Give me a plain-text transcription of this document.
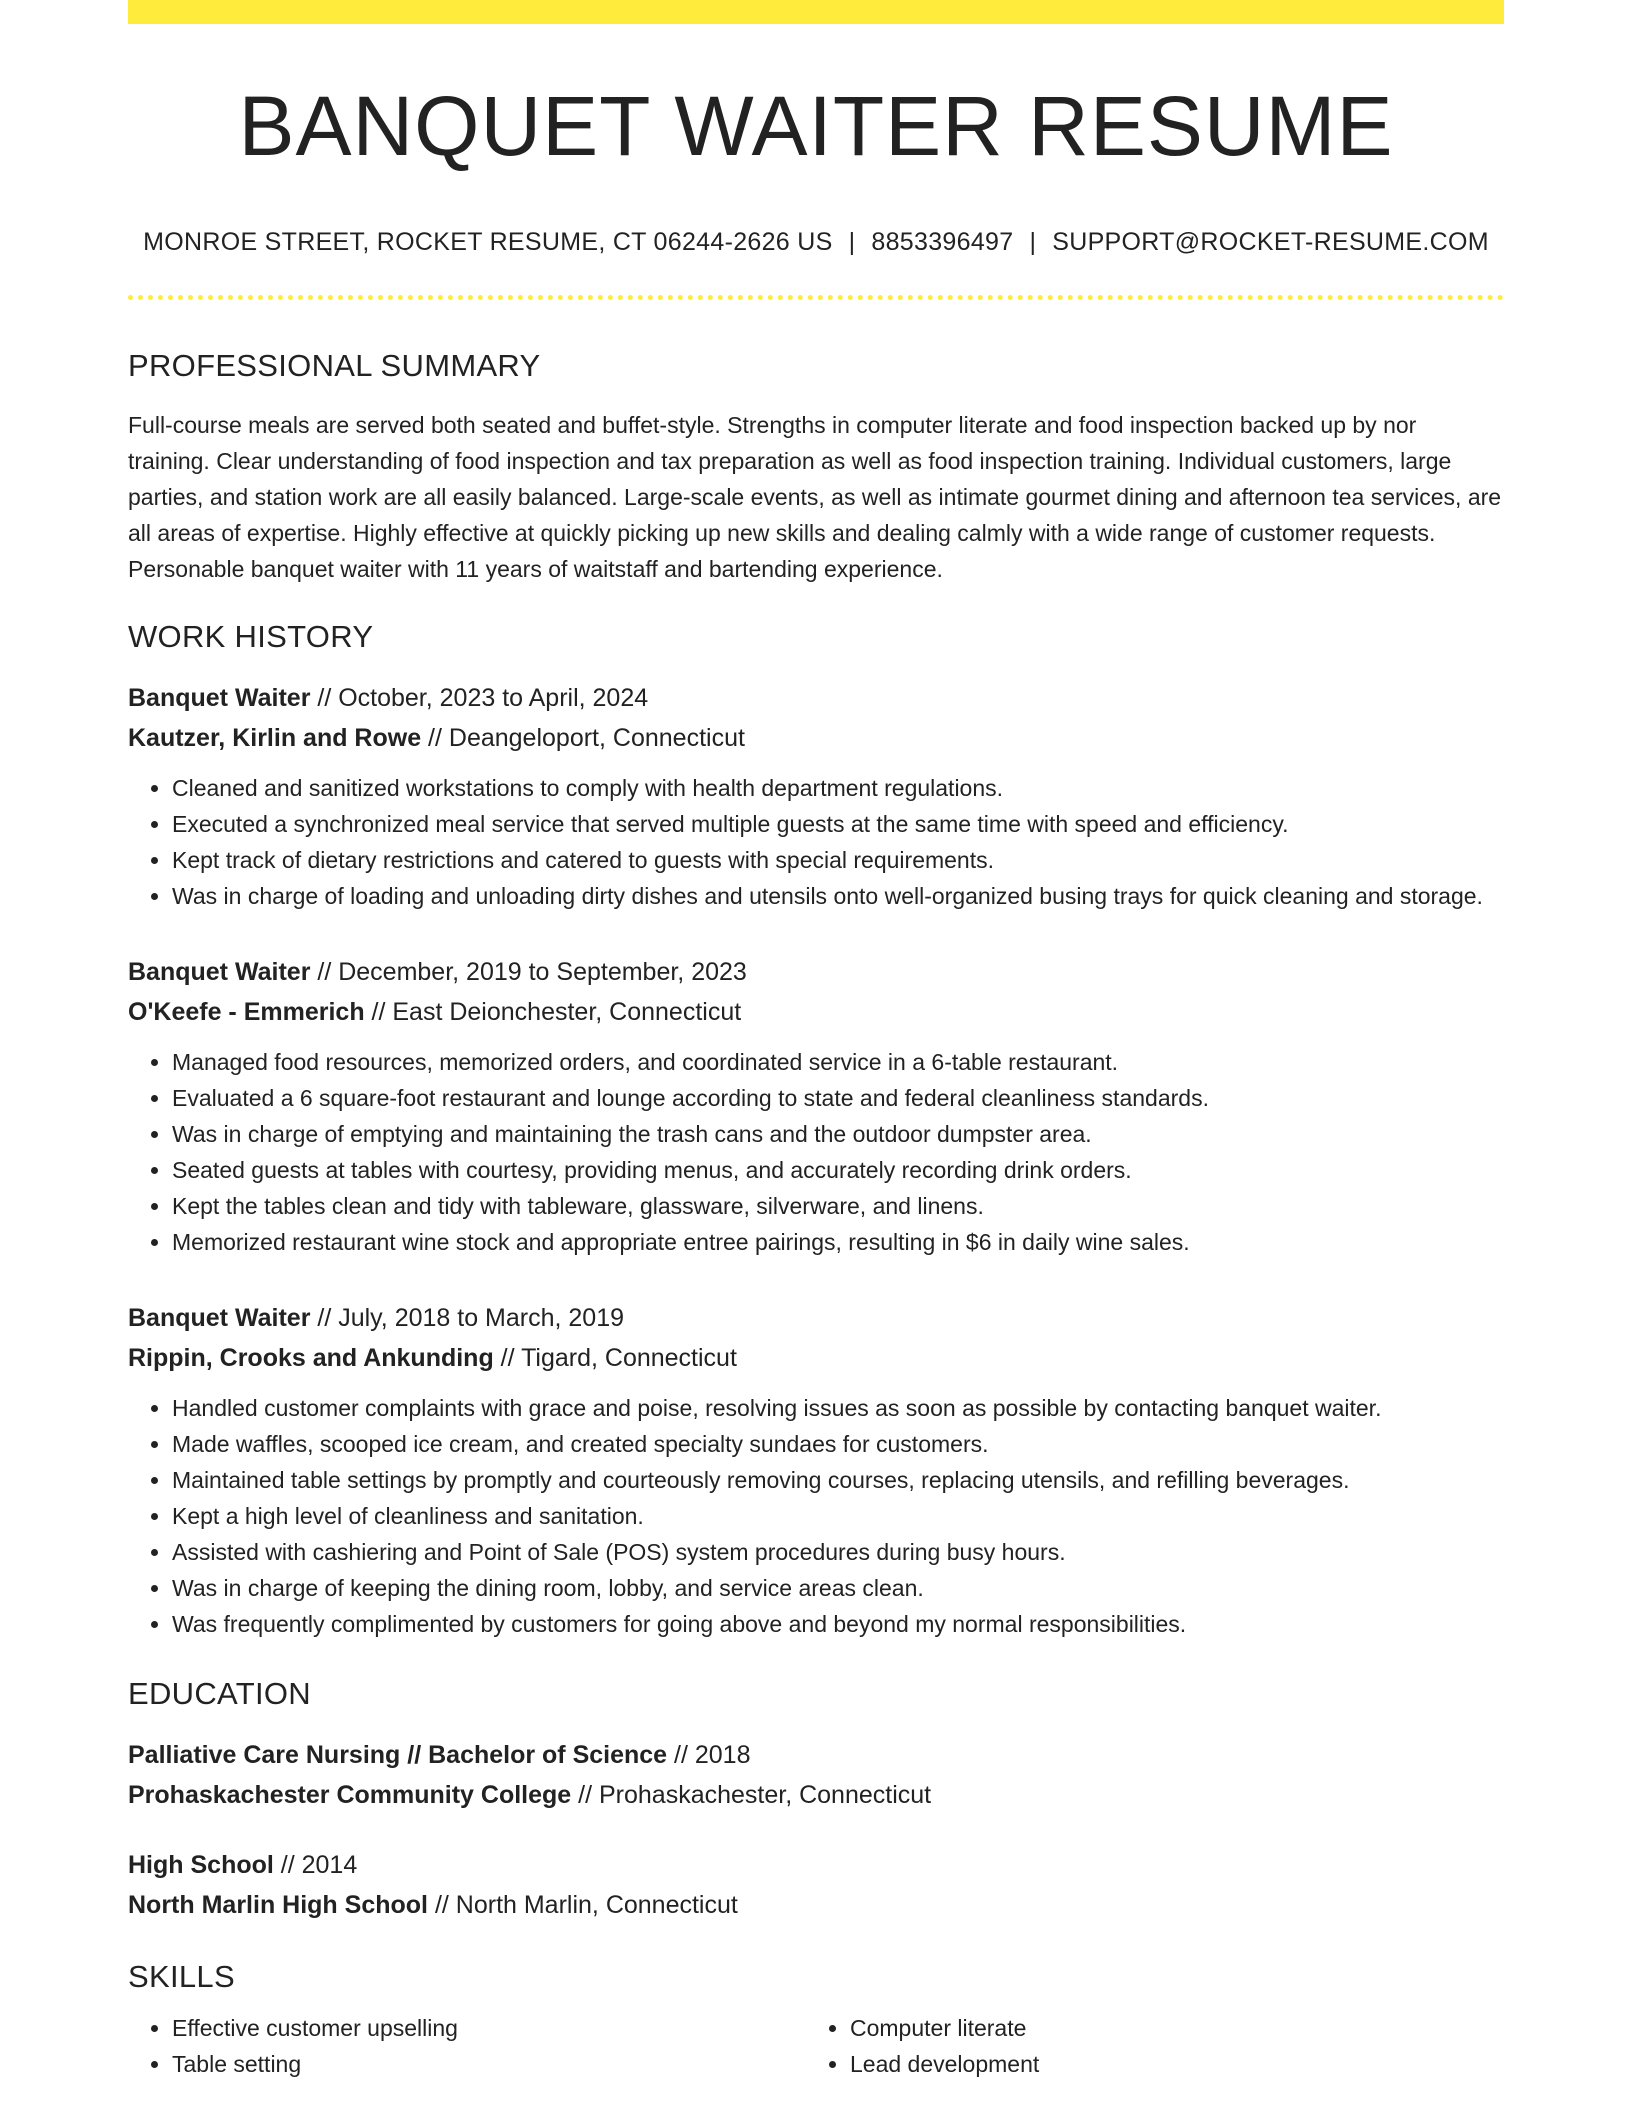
BANQUET WAITER RESUME
MONROE STREET, ROCKET RESUME, CT 06244-2626 US | 8853396497 | SUPPORT@ROCKET-RESUME.COM
PROFESSIONAL SUMMARY

Full-course meals are served both seated and buffet-style. Strengths in computer literate and food inspection backed up by nor training. Clear understanding of food inspection and tax preparation as well as food inspection training. Individual customers, large parties, and station work are all easily balanced. Large-scale events, as well as intimate gourmet dining and afternoon tea services, are all areas of expertise. Highly effective at quickly picking up new skills and dealing calmly with a wide range of customer requests. Personable banquet waiter with 11 years of waitstaff and bartending experience.

WORK HISTORY
Banquet Waiter // October, 2023 to April, 2024
Kautzer, Kirlin and Rowe // Deangeloport, Connecticut
• Cleaned and sanitized workstations to comply with health department regulations.
• Executed a synchronized meal service that served multiple guests at the same time with speed and efficiency.
• Kept track of dietary restrictions and catered to guests with special requirements.
• Was in charge of loading and unloading dirty dishes and utensils onto well-organized busing trays for quick cleaning and storage.
Banquet Waiter // December, 2019 to September, 2023
O'Keefe - Emmerich // East Deionchester, Connecticut
• Managed food resources, memorized orders, and coordinated service in a 6-table restaurant.
• Evaluated a 6 square-foot restaurant and lounge according to state and federal cleanliness standards.
• Was in charge of emptying and maintaining the trash cans and the outdoor dumpster area.
• Seated guests at tables with courtesy, providing menus, and accurately recording drink orders.
• Kept the tables clean and tidy with tableware, glassware, silverware, and linens.
• Memorized restaurant wine stock and appropriate entree pairings, resulting in $6 in daily wine sales.
Banquet Waiter // July, 2018 to March, 2019
Rippin, Crooks and Ankunding // Tigard, Connecticut
• Handled customer complaints with grace and poise, resolving issues as soon as possible by contacting banquet waiter.
• Made waffles, scooped ice cream, and created specialty sundaes for customers.
• Maintained table settings by promptly and courteously removing courses, replacing utensils, and refilling beverages.
• Kept a high level of cleanliness and sanitation.
• Assisted with cashiering and Point of Sale (POS) system procedures during busy hours.
• Was in charge of keeping the dining room, lobby, and service areas clean.
• Was frequently complimented by customers for going above and beyond my normal responsibilities.
EDUCATION
Palliative Care Nursing // Bachelor of Science // 2018
Prohaskachester Community College // Prohaskachester, Connecticut
High School // 2014
North Marlin High School // North Marlin, Connecticut
SKILLS
• Effective customer upselling
• Table setting
• Computer literate
• Lead development
